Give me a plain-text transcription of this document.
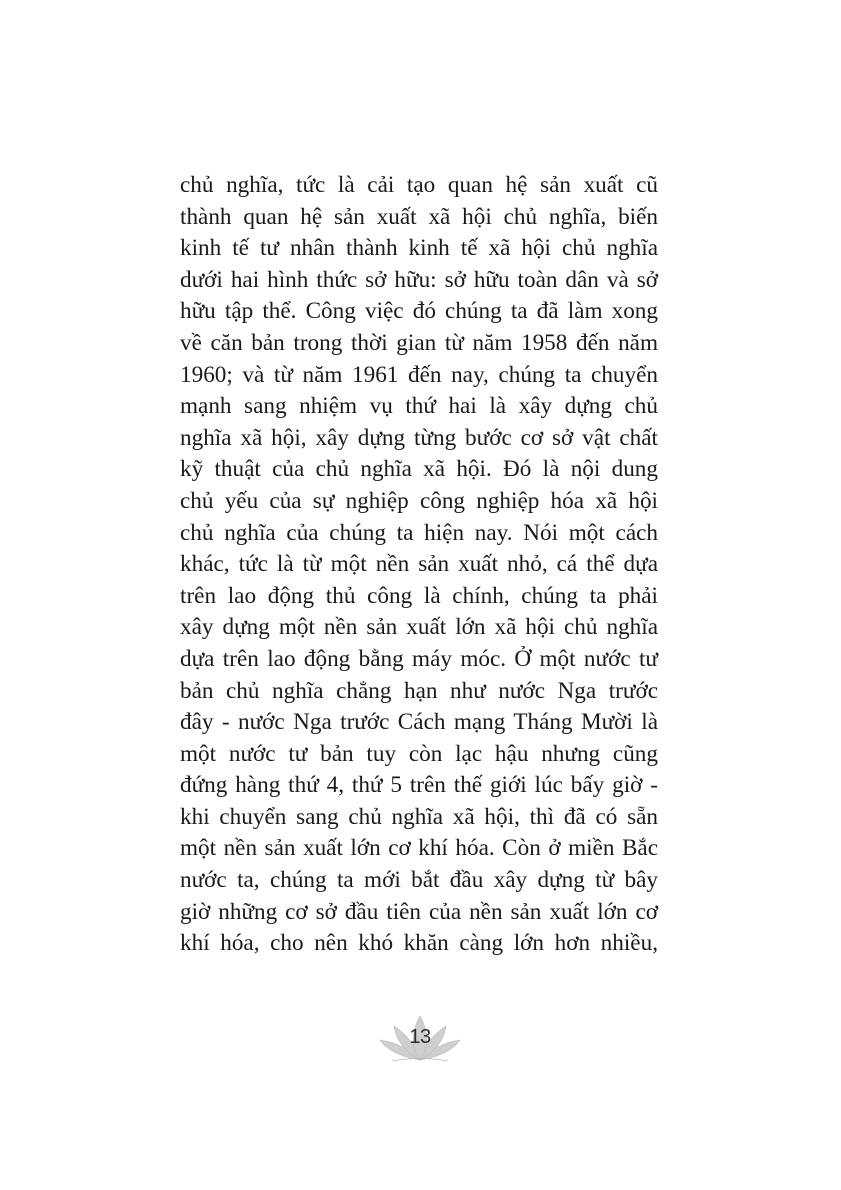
chủ nghĩa, tức là cải tạo quan hệ sản xuất cũ
thành quan hệ sản xuất xã hội chủ nghĩa, biến
kinh tế tư nhân thành kinh tế xã hội chủ nghĩa
dưới hai hình thức sở hữu: sở hữu toàn dân và sở
hữu tập thể. Công việc đó chúng ta đã làm xong
về căn bản trong thời gian từ năm 1958 đến năm
1960; và từ năm 1961 đến nay, chúng ta chuyển
mạnh sang nhiệm vụ thứ hai là xây dựng chủ
nghĩa xã hội, xây dựng từng bước cơ sở vật chất
kỹ thuật của chủ nghĩa xã hội. Đó là nội dung
chủ yếu của sự nghiệp công nghiệp hóa xã hội
chủ nghĩa của chúng ta hiện nay. Nói một cách
khác, tức là từ một nền sản xuất nhỏ, cá thể dựa
trên lao động thủ công là chính, chúng ta phải
xây dựng một nền sản xuất lớn xã hội chủ nghĩa
dựa trên lao động bằng máy móc. Ở một nước tư
bản chủ nghĩa chẳng hạn như nước Nga trước
đây - nước Nga trước Cách mạng Tháng Mười là
một nước tư bản tuy còn lạc hậu nhưng cũng
đứng hàng thứ 4, thứ 5 trên thế giới lúc bấy giờ -
khi chuyển sang chủ nghĩa xã hội, thì đã có sẵn
một nền sản xuất lớn cơ khí hóa. Còn ở miền Bắc
nước ta, chúng ta mới bắt đầu xây dựng từ bây
giờ những cơ sở đầu tiên của nền sản xuất lớn cơ
khí hóa, cho nên khó khăn càng lớn hơn nhiều,
13
